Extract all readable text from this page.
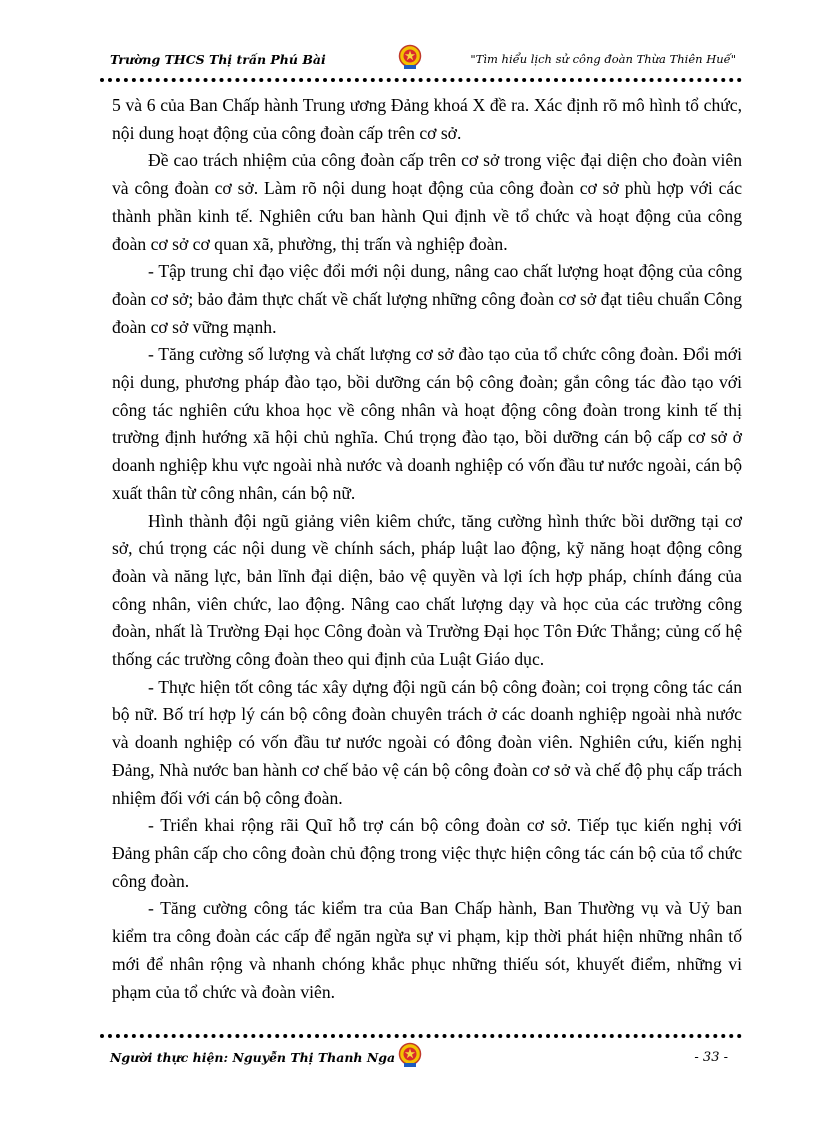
Trường THCS Thị trấn Phú Bài	"Tìm hiểu lịch sử công đoàn Thừa Thiên Huế"

5 và 6 của Ban Chấp hành Trung ương Đảng khoá X đề ra. Xác định rõ mô hình tổ chức, nội dung hoạt động của công đoàn cấp trên cơ sở.

Đề cao trách nhiệm của công đoàn cấp trên cơ sở trong việc đại diện cho đoàn viên và công đoàn cơ sở. Làm rõ nội dung hoạt động của công đoàn cơ sở phù hợp với các thành phần kinh tế. Nghiên cứu ban hành Qui định về tổ chức và hoạt động của công đoàn cơ sở cơ quan xã, phường, thị trấn và nghiệp đoàn.

- Tập trung chỉ đạo việc đổi mới nội dung, nâng cao chất lượng hoạt động của công đoàn cơ sở; bảo đảm thực chất về chất lượng những công đoàn cơ sở đạt tiêu chuẩn Công đoàn cơ sở vững mạnh.

- Tăng cường số lượng và chất lượng cơ sở đào tạo của tổ chức công đoàn. Đổi mới nội dung, phương pháp đào tạo, bồi dưỡng cán bộ công đoàn; gắn công tác đào tạo với công tác nghiên cứu khoa học về công nhân và hoạt động công đoàn trong kinh tế thị trường định hướng xã hội chủ nghĩa. Chú trọng đào tạo, bồi dưỡng cán bộ cấp cơ sở ở doanh nghiệp khu vực ngoài nhà nước và doanh nghiệp có vốn đầu tư nước ngoài, cán bộ xuất thân từ công nhân, cán bộ nữ.

Hình thành đội ngũ giảng viên kiêm chức, tăng cường hình thức bồi dưỡng tại cơ sở, chú trọng các nội dung về chính sách, pháp luật lao động, kỹ năng hoạt động công đoàn và năng lực, bản lĩnh đại diện, bảo vệ quyền và lợi ích hợp pháp, chính đáng của công nhân, viên chức, lao động. Nâng cao chất lượng dạy và học của các trường công đoàn, nhất là Trường Đại học Công đoàn và Trường Đại học Tôn Đức Thắng; củng cố hệ thống các trường công đoàn theo qui định của Luật Giáo dục.

- Thực hiện tốt công tác xây dựng đội ngũ cán bộ công đoàn; coi trọng công tác cán bộ nữ. Bố trí hợp lý cán bộ công đoàn chuyên trách ở các doanh nghiệp ngoài nhà nước và doanh nghiệp có vốn đầu tư nước ngoài có đông đoàn viên. Nghiên cứu, kiến nghị Đảng, Nhà nước ban hành cơ chế bảo vệ cán bộ công đoàn cơ sở và chế độ phụ cấp trách nhiệm đối với cán bộ công đoàn.

- Triển khai rộng rãi Quĩ hỗ trợ cán bộ công đoàn cơ sở. Tiếp tục kiến nghị với Đảng phân cấp cho công đoàn chủ động trong việc thực hiện công tác cán bộ của tổ chức công đoàn.

- Tăng cường công tác kiểm tra của Ban Chấp hành, Ban Thường vụ và Uỷ ban kiểm tra công đoàn các cấp để ngăn ngừa sự vi phạm, kịp thời phát hiện những nhân tố mới để nhân rộng và nhanh chóng khắc phục những thiếu sót, khuyết điểm, những vi phạm của tổ chức và đoàn viên.

Người thực hiện: Nguyễn Thị Thanh Nga	- 33 -
